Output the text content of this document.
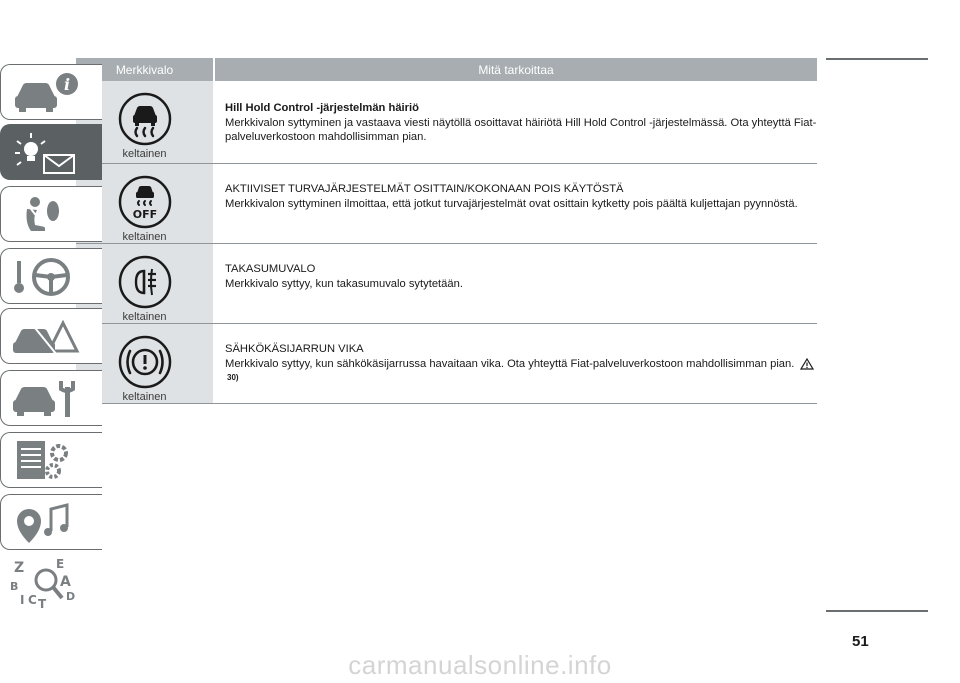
Merkkivalo	Mitä tarkoittaa
keltainen
Hill Hold Control -järjestelmän häiriö
Merkkivalon syttyminen ja vastaava viesti näytöllä osoittavat häiriötä Hill Hold Control -järjestelmässä. Ota yhteyttä Fiat-palveluverkostoon mahdollisimman pian.
OFF
keltainen
AKTIIVISET TURVAJÄRJESTELMÄT OSITTAIN/KOKONAAN POIS KÄYTÖSTÄ
Merkkivalon syttyminen ilmoittaa, että jotkut turvajärjestelmät ovat osittain kytketty pois päältä kuljettajan pyynnöstä.
keltainen
TAKASUMUVALO
Merkkivalo syttyy, kun takasumuvalo sytytetään.
keltainen
SÄHKÖKÄSIJARRUN VIKA
Merkkivalo syttyy, kun sähkökäsijarrussa havaitaan vika. Ota yhteyttä Fiat-palveluverkostoon mahdollisimman pian. 30)
i
Z	E
A
B
C T
D
I
51
carmanualsonline.info
